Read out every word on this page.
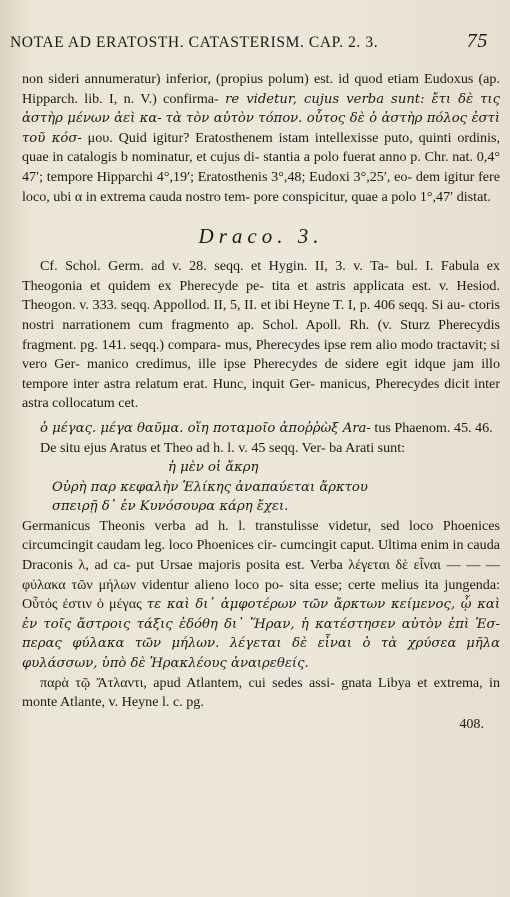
NOTAE AD ERATOSTH. CATASTERISM. CAP. 2. 3.	75

non sideri annumeratur) inferior, (propius polum) est. id quod etiam Eudoxus (ap. Hipparch. lib. I, n. V.) confirma- re videtur, cujus verba sunt: ἔτι δὲ τις ἀστὴρ μένων ἀεὶ κα- τὰ τὸν αὐτὸν τόπον. οὗτος δὲ ὁ ἀστὴρ πόλος ἐστὶ τοῦ κόσ- μου. Quid igitur? Eratosthenem istam intellexisse puto, quinti ordinis, quae in catalogis b nominatur, et cujus di- stantia a polo fuerat anno p. Chr. nat. 0,4° 47′; tempore Hipparchi 4°,19′; Eratosthenis 3°,48; Eudoxi 3°,25′, eo- dem igitur fere loco, ubi α in extrema cauda nostro tem- pore conspicitur, quae a polo 1°,47′ distat.

Draco. 3.

Cf. Schol. Germ. ad v. 28. seqq. et Hygin. II, 3. v. Ta- bul. I. Fabula ex Theogonia et quidem ex Pherecyde pe- tita et astris applicata est. v. Hesiod. Theogon. v. 333. seqq. Appollod. II, 5, II. et ibi Heyne T. I, p. 406 seqq. Si au- ctoris nostri narrationem cum fragmento ap. Schol. Apoll. Rh. (v. Sturz Pherecydis fragment. pg. 141. seqq.) compara- mus, Pherecydes ipse rem alio modo tractavit; si vero Ger- manico credimus, ille ipse Pherecydes de sidere egit idque jam illo tempore inter astra relatum erat. Hunc, inquit Ger- manicus, Pherecydes dicit inter astra collocatum cet.

ὁ μέγας. μέγα θαῦμα. οἵη ποταμοῖο ἀποῤῥὼξ Ara- tus Phaenom. 45. 46.

De situ ejus Aratus et Theo ad h. l. v. 45 seqq. Ver- ba Arati sunt:

ἡ μὲν οἱ ἄκρη
Οὐρὴ παρ κεφαλὴν Ἑλίκης ἀναπαύεται ἄρκτου
σπειρῇ δ᾽ ἐν Κυνόσουρα κάρη ἔχει.

Germanicus Theonis verba ad h. l. transtulisse videtur, sed loco Phoenices circumcingit caudam leg. loco Phoenices cir- cumcingit caput. Ultima enim in cauda Draconis λ, ad ca- put Ursae majoris posita est. Verba λέγεται δὲ εἶναι — — — φύλακα τῶν μήλων videntur alieno loco po- sita esse; certe melius ita jungenda: Οὗτός ἐστιν ὁ μέγας τε καὶ δι᾽ ἀμφοτέρων τῶν ἄρκτων κείμενος, ᾧ καὶ ἐν τοῖς ἄστροις τάξις ἐδόθη δι᾽ Ἥραν, ἡ κατέστησεν αὐτὸν ἐπὶ Ἑσ- περας φύλακα τῶν μήλων. λέγεται δὲ εἶναι ὁ τὰ χρύσεα μῆλα φυλάσσων, ὑπὸ δὲ Ἡρακλέους ἀναιρεθείς.

παρὰ τῷ Ἄτλαντι, apud Atlantem, cui sedes assi- gnata Libya et extrema, in monte Atlante, v. Heyne l. c. pg.

408.
